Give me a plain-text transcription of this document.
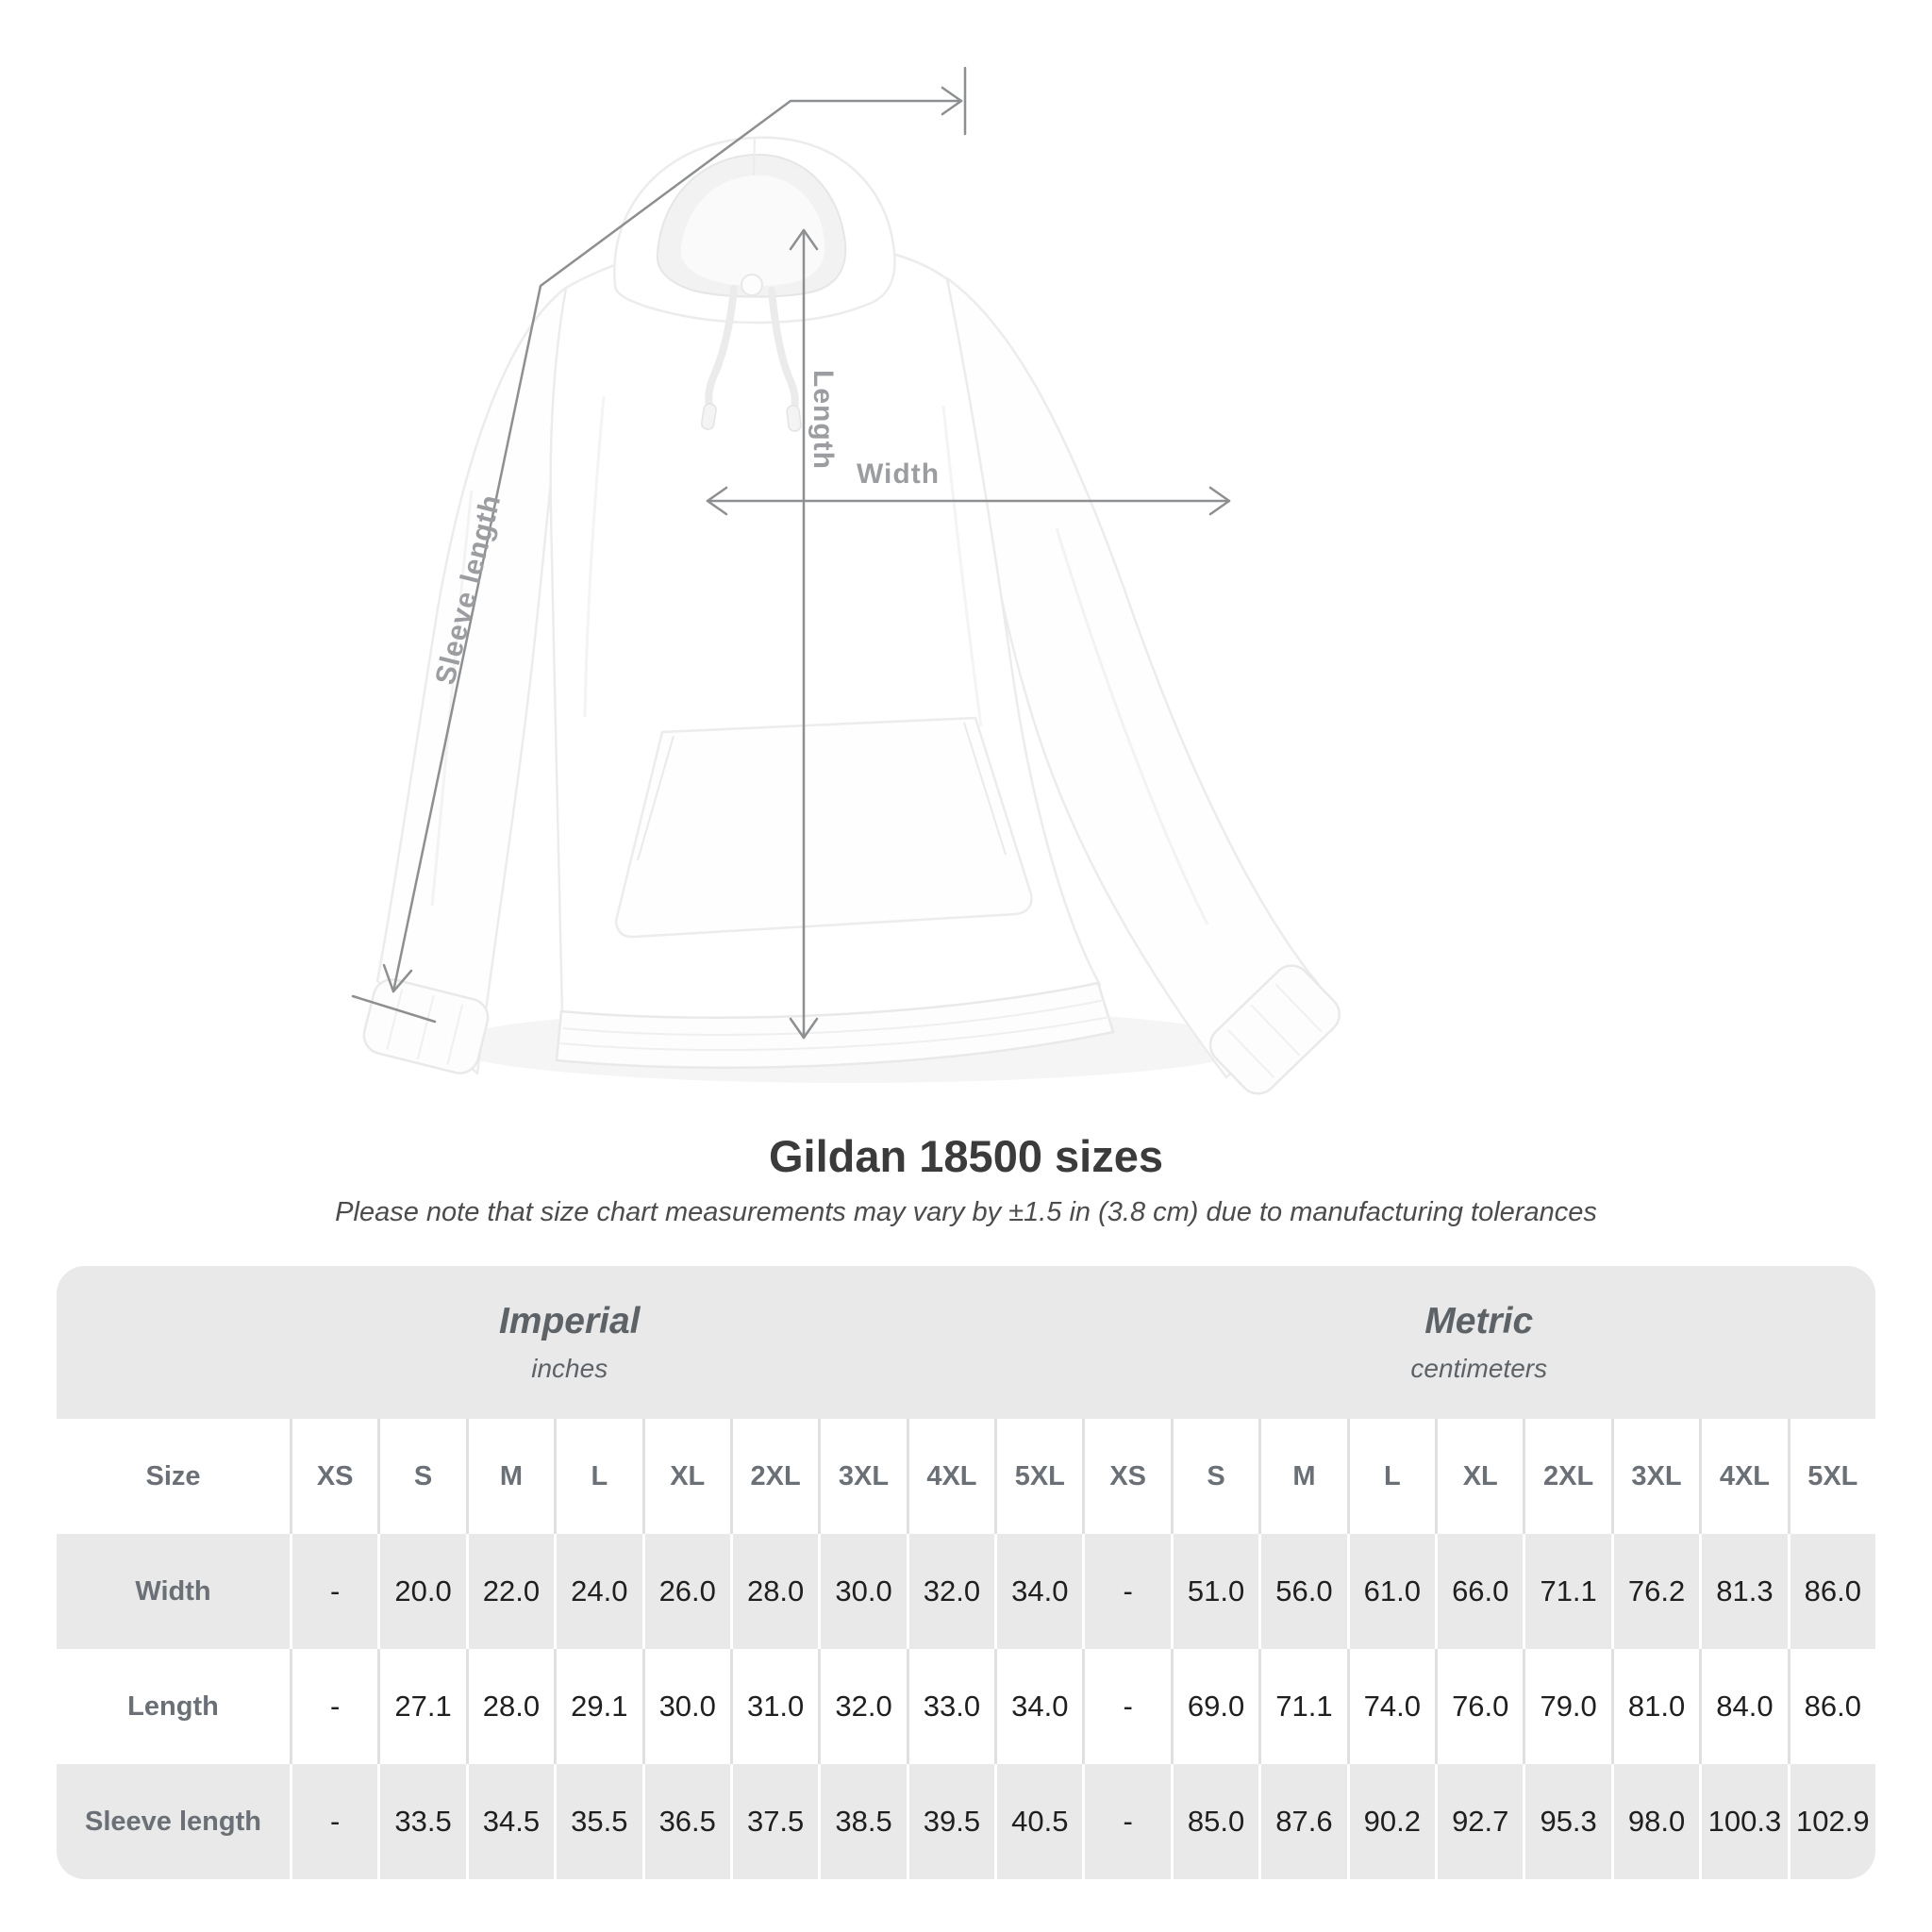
Width
Length
Sleeve length
Gildan 18500 sizes

Please note that size chart measurements may vary by ±1.5 in (3.8 cm) due to manufacturing tolerances

Imperial
inches
Metric
centimeters
Size	XS	S	M	L	XL	2XL	3XL	4XL	5XL	XS	S	M	L	XL	2XL	3XL	4XL	5XL
Width	-	20.0	22.0	24.0	26.0	28.0	30.0	32.0	34.0	-	51.0	56.0	61.0	66.0	71.1	76.2	81.3	86.0
Length	-	27.1	28.0	29.1	30.0	31.0	32.0	33.0	34.0	-	69.0	71.1	74.0	76.0	79.0	81.0	84.0	86.0
Sleeve length	-	33.5	34.5	35.5	36.5	37.5	38.5	39.5	40.5	-	85.0	87.6	90.2	92.7	95.3	98.0 100.3 102.9
